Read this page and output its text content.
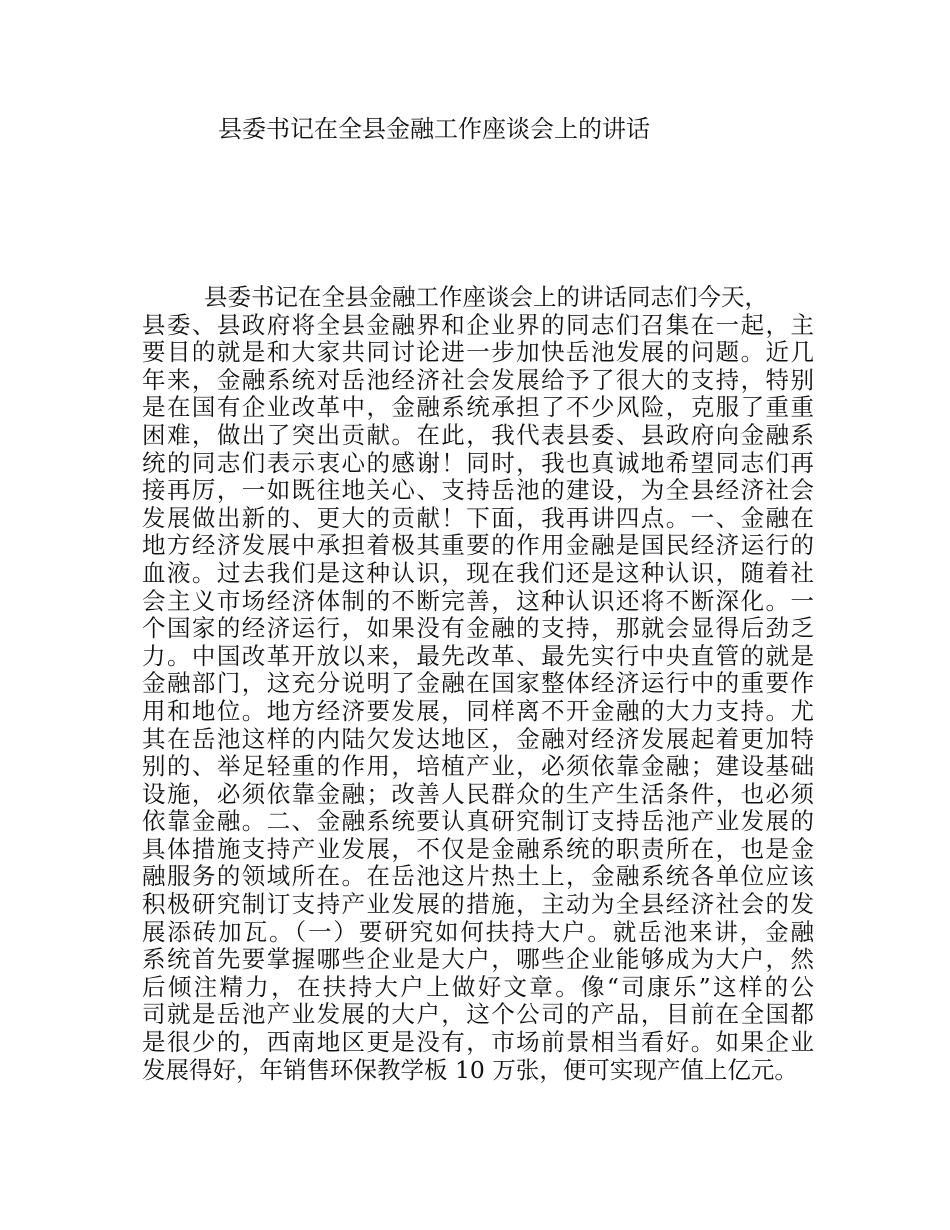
县委书记在全县金融工作座谈会上的讲话
县委书记在全县金融工作座谈会上的讲话同志们今天，
县委、县政府将全县金融界和企业界的同志们召集在一起，主
要目的就是和大家共同讨论进一步加快岳池发展的问题。近几
年来，金融系统对岳池经济社会发展给予了很大的支持，特别
是在国有企业改革中，金融系统承担了不少风险，克服了重重
困难，做出了突出贡献。在此，我代表县委、县政府向金融系
统的同志们表示衷心的感谢！同时，我也真诚地希望同志们再
接再厉，一如既往地关心、支持岳池的建设，为全县经济社会
发展做出新的、更大的贡献！下面，我再讲四点。一、金融在
地方经济发展中承担着极其重要的作用金融是国民经济运行的
血液。过去我们是这种认识，现在我们还是这种认识，随着社
会主义市场经济体制的不断完善，这种认识还将不断深化。一
个国家的经济运行，如果没有金融的支持，那就会显得后劲乏
力。中国改革开放以来，最先改革、最先实行中央直管的就是
金融部门，这充分说明了金融在国家整体经济运行中的重要作
用和地位。地方经济要发展，同样离不开金融的大力支持。尤
其在岳池这样的内陆欠发达地区，金融对经济发展起着更加特
别的、举足轻重的作用，培植产业，必须依靠金融；建设基础
设施，必须依靠金融；改善人民群众的生产生活条件，也必须
依靠金融。二、金融系统要认真研究制订支持岳池产业发展的
具体措施支持产业发展，不仅是金融系统的职责所在，也是金
融服务的领域所在。在岳池这片热土上，金融系统各单位应该
积极研究制订支持产业发展的措施，主动为全县经济社会的发
展添砖加瓦。（一）要研究如何扶持大户。就岳池来讲，金融
系统首先要掌握哪些企业是大户，哪些企业能够成为大户，然
后倾注精力，在扶持大户上做好文章。像“司康乐”这样的公
司就是岳池产业发展的大户，这个公司的产品，目前在全国都
是很少的，西南地区更是没有，市场前景相当看好。如果企业
发展得好，年销售环保教学板 10 万张，便可实现产值上亿元。
